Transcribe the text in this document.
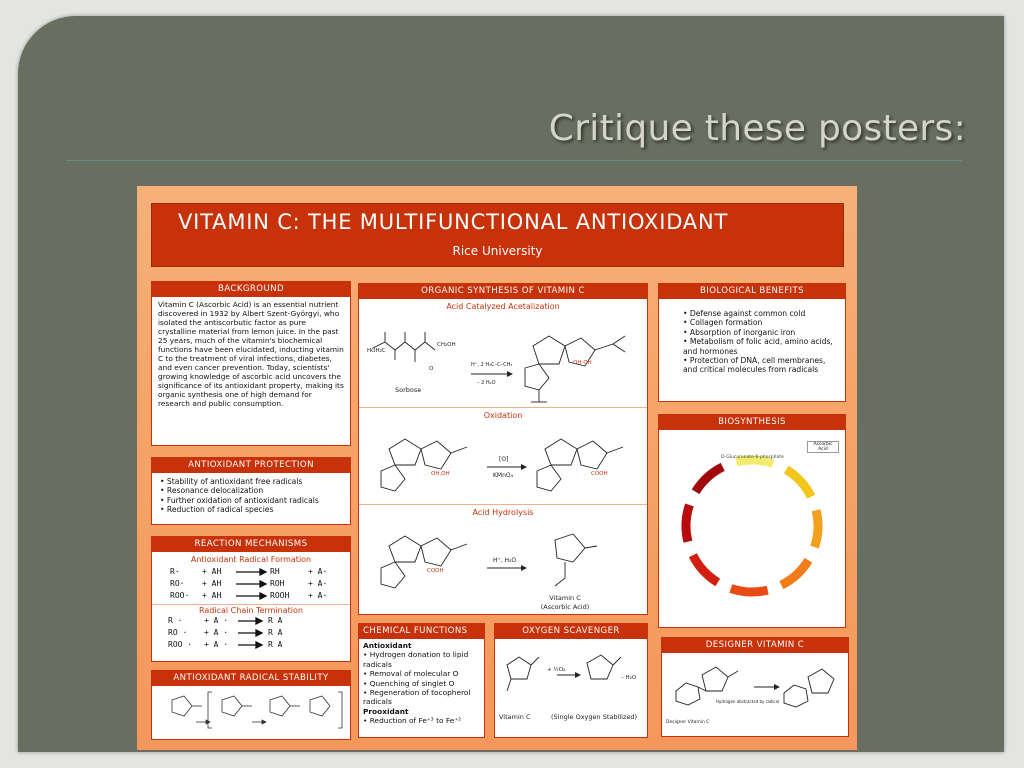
Critique these posters:
VITAMIN C: THE MULTIFUNCTIONAL ANTIOXIDANT
Rice University
BACKGROUND
Vitamin C (Ascorbic Acid) is an essential nutrient discovered in 1932 by Albert Szent-Györgyi, who isolated the antiscorbutic factor as pure crystalline material from lemon juice. In the past 25 years, much of the vitamin's biochemical functions have been elucidated, inducting vitamin C to the treatment of viral infections, diabetes, and even cancer prevention. Today, scientists' growing knowledge of ascorbic acid uncovers the significance of its antioxidant property, making its organic synthesis one of high demand for research and public consumption.
ANTIOXIDANT PROTECTION
• Stability of antioxidant free radicals
• Resonance delocalization
• Further oxidation of antioxidant radicals
• Reduction of radical species
REACTION MECHANISMS
Antioxidant Radical Formation
R·	+ AH	RH	+ A·
RO· + AH	ROH	+ A·
ROO· + AH	ROOH + A·
Radical Chain Termination
R ·	+ A ·	R A
RO · + A ·	R A
ROO · + A ·	R A
ANTIOXIDANT RADICAL STABILITY
ORGANIC SYNTHESIS OF VITAMIN C
Acid Catalyzed Acetalization
O
HOH₂C
CH₂OH
OH OH
Sorbose
H⁺, 2 H₃C–C–CH₃
– 2 H₂O
Oxidation
OH,OH	COOH
[O]
KMnO₄
Acid Hydrolysis
COOH
H⁺, H₂O
Vitamin C
(Ascorbic Acid)
BIOLOGICAL BENEFITS
• Defense against common cold
• Collagen formation
• Absorption of inorganic iron
• Metabolism of folic acid, amino acids, and hormones
• Protection of DNA, cell membranes, and critical molecules from radicals
BIOSYNTHESIS
D-Glucuronate-6-phosphate
Ascorbic Acid
CHEMICAL FUNCTIONS
Antioxidant
• Hydrogen donation to lipid radicals
• Removal of molecular O
• Quenching of singlet O
• Regeneration of tocopherol radicals
Prooxidant
• Reduction of Fe⁺³ to Fe⁺²
OXYGEN SCAVENGER
+ ½O₂
– H₂O
Vitamin C	(Single Oxygen Stabilized)
DESIGNER VITAMIN C
Designer Vitamin C
Hydrogen abstracted by radical
